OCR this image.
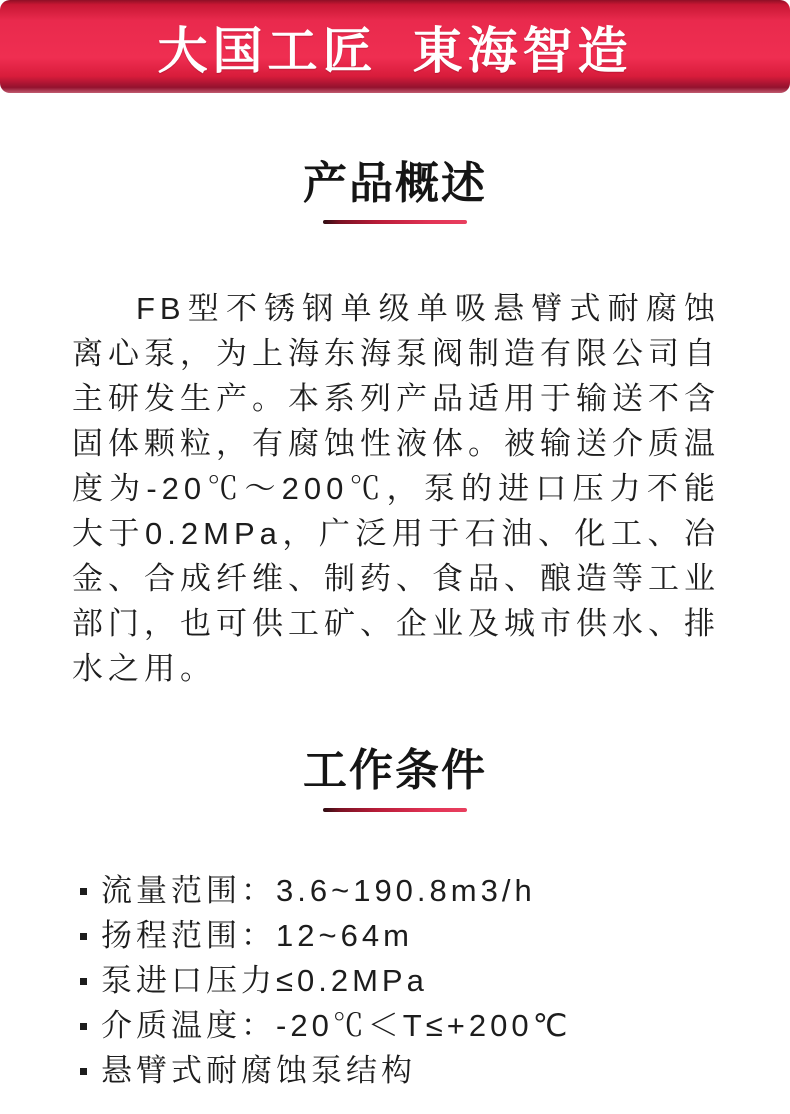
大国工匠 東海智造
产品概述

FB型不锈钢单级单吸悬臂式耐腐蚀离心泵，为上海东海泵阀制造有限公司自主研发生产。本系列产品适用于输送不含固体颗粒，有腐蚀性液体。被输送介质温度为-20℃～200℃，泵的进口压力不能大于0.2MPa，广泛用于石油、化工、冶金、合成纤维、制药、食品、酿造等工业部门，也可供工矿、企业及城市供水、排水之用。

工作条件
流量范围：3.6~190.8m3/h
扬程范围：12~64m
泵进口压力≤0.2MPa
介质温度：-20℃＜T≤+200℃
悬臂式耐腐蚀泵结构
